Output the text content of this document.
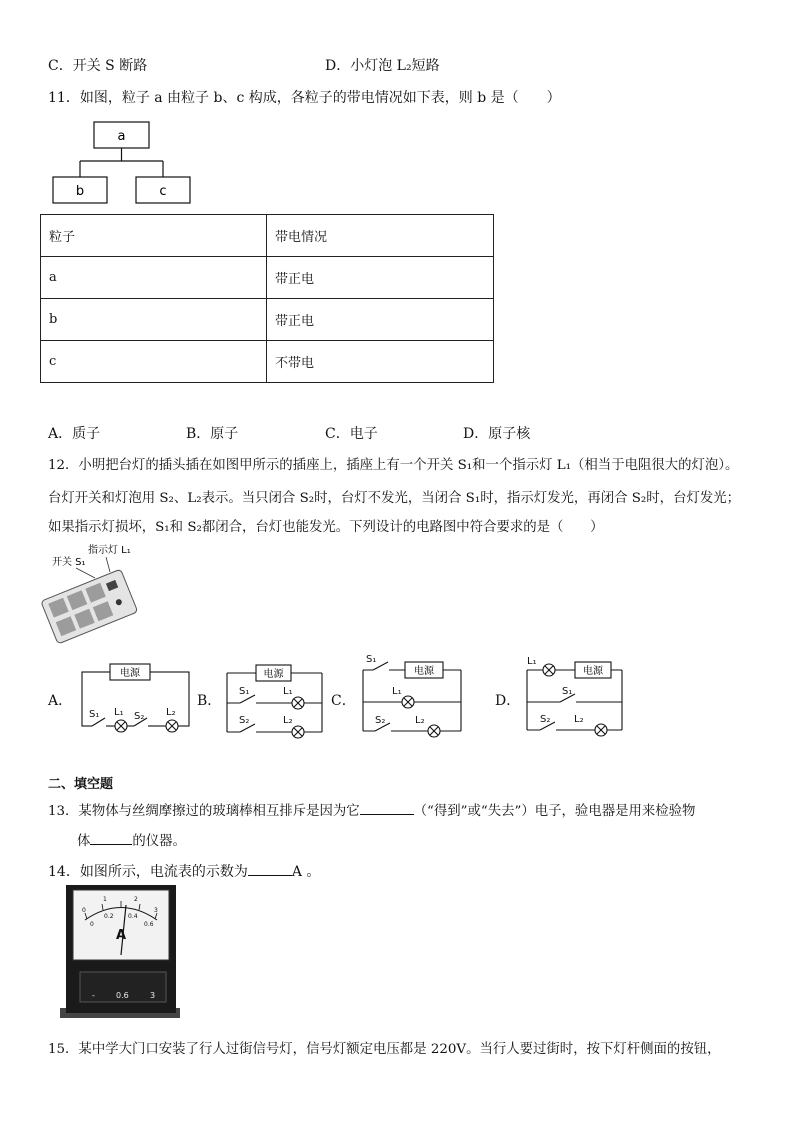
C．开关 S 断路	D．小灯泡 L₂短路
11．如图，粒子 a 由粒子 b、c 构成，各粒子的带电情况如下表，则 b 是（　　）
a
b	c
粒子	带电情况
a	带正电
b	带正电
c	不带电
A．质子	B．原子	C．电子	D．原子核
12．小明把台灯的插头插在如图甲所示的插座上，插座上有一个开关 S₁和一个指示灯 L₁（相当于电阻很大的灯泡）。
台灯开关和灯泡用 S₂、L₂表示。当只闭合 S₂时，台灯不发光，当闭合 S₁时，指示灯发光，再闭合 S₂时，台灯发光；
如果指示灯损坏，S₁和 S₂都闭合，台灯也能发光。下列设计的电路图中符合要求的是（　　）
开关 S₁
指示灯 L₁
电源	电源	电源	电源
S₁ L₁ S₂ L₂
S₁	L₁
S₂	L₂
S₁
L₁
S₂	L₂
L₁
S₁
S₂ L₂
A．	B．	C．	D．
二、填空题
13．某物体与丝绸摩擦过的玻璃棒相互排斥是因为它	（“得到”或“失去”）电子，验电器是用来检验物
体	的仪器。
14．如图所示，电流表的示数为	A 。
0
1	2
3
0
0.2 0.4
0.6
A
-	0.6	3
15．某中学大门口安装了行人过街信号灯，信号灯额定电压都是 220V。当行人要过街时，按下灯杆侧面的按钮，
